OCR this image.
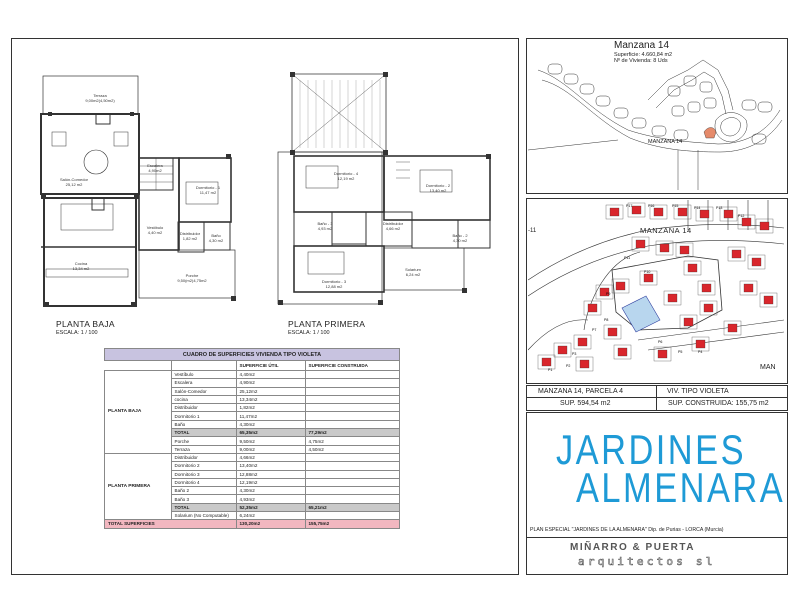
Terraza
9,00m2(4,50m2)
Salón-Comedor
25,12 m2
Escalera
4,90m2
Dormitorio - 1
11,47 m2
Vestíbulo
4,40 m2	Distribuidor
1,82 m2	Baño
4,30 m2
Cocina
13,34 m2
Porche
9,50(m2)4,75m2
PLANTA BAJA
ESCALA: 1 / 100
Dormitorio - 4
12,19 m2
Dormitorio - 2
13,40 m2
Baño - 3
4,93 m2
Distribuidor
4,66 m2
Baño - 2
4,30 m2
Dormitorio - 3
12,88 m2
Solarium
6,24 m2
PLANTA PRIMERA
ESCALA: 1 / 100
CUADRO DE SUPERFICIES VIVIENDA TIPO VIOLETA			
		SUPERFICIE ÚTIL	SUPERFICIE CONSTRUIDA
PLANTA BAJA	Vestíbulo	4,40m2	
	Escalera	4,90m2	
	Salón-Comedor	25,12m2	
	cocina	13,34m2	
	Distribuidor	1,82m2	
	Dormitorio 1	11,47m2	
	Baño	4,30m2	
	TOTAL	65,35m2	77,29m2
	Porche	9,50m2	4,75m2
	Terraza	9,00m2	4,50m2
PLANTA PRIMERA	Distribuidor	4,66m2	
	Dormitorio 2	13,40m2	
	Dormitorio 3	12,88m2	
	Dormitorio 4	12,19m2	
	Baño 2	4,30m2	
	Baño 3	4,93m2	
	TOTAL	52,35m2	65,21m2
	Solarium (No Computable)	6,24m2	
TOTAL SUPERFICIES		130,20m2	155,75m2
Manzana 14
Superficie: 4.660,84 m2
Nº de Vivienda: 8 Uds
MANZANA 14
P17	P16	P15	P14	P13
P12
P11
P10
P9
P8
P7
P6
P5	P4
P3
P2
P1
MANZANA 14
-11
MAN
MANZANA 14, PARCELA 4	VIV. TIPO VIOLETA
SUP. 594,54 m2	SUP. CONSTRUIDA: 155,75 m2
JARDINES
ALMENARA
PLAN ESPECIAL "JARDINES DE LA ALMENARA" Dip. de Purias - LORCA (Murcia)
MIÑARRO & PUERTA
arquitectos sl
